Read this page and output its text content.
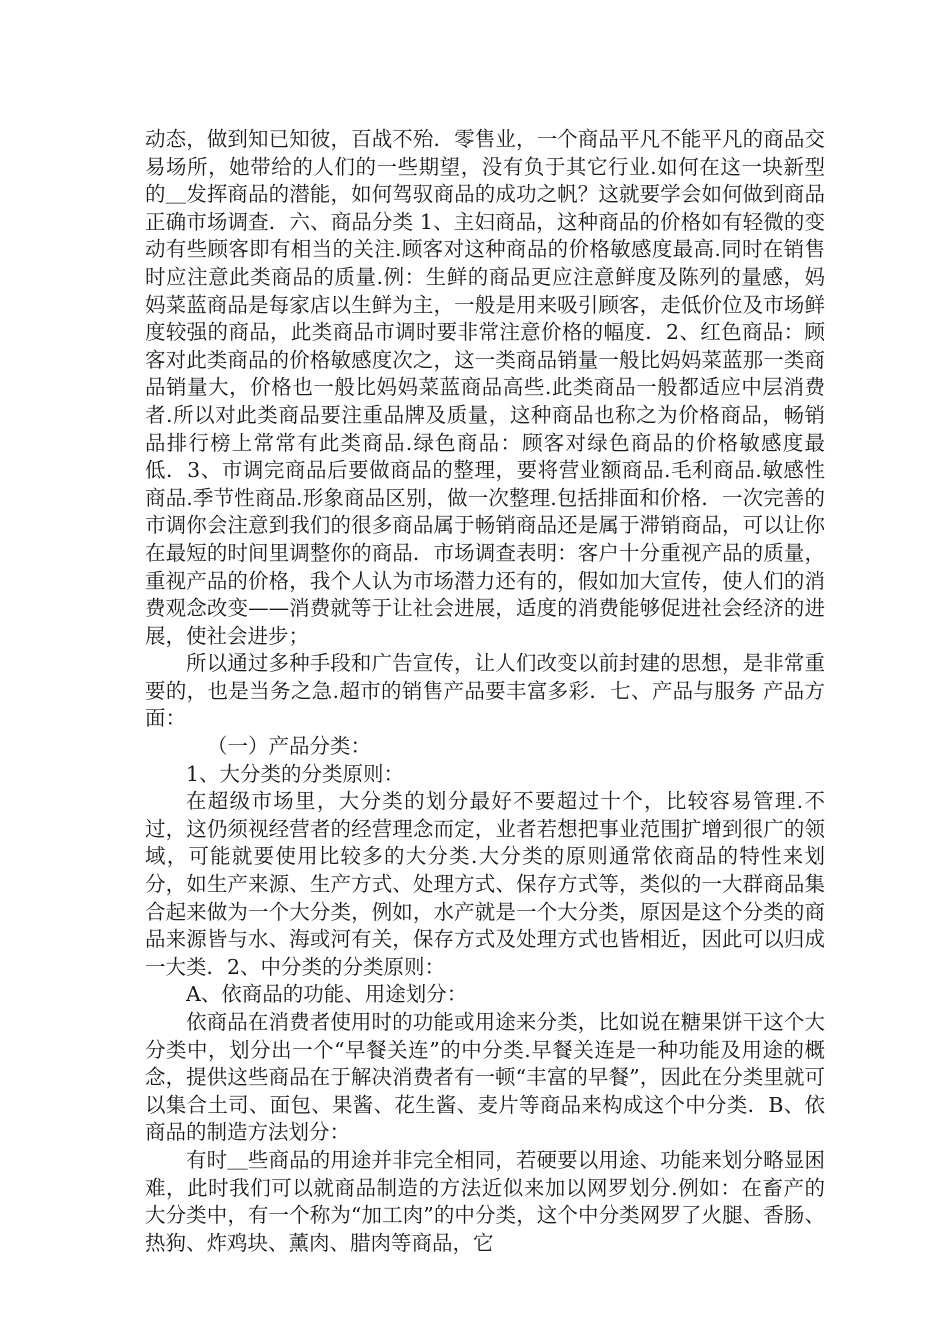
动态，做到知已知彼，百战不殆．零售业，一个商品平凡不能平凡的商品交易场所，她带给的人们的一些期望，没有负于其它行业.如何在这一块新型的＿发挥商品的潜能，如何驾驭商品的成功之帆？这就要学会如何做到商品正确市场调查．六、商品分类 1、主妇商品，这种商品的价格如有轻微的变动有些顾客即有相当的关注.顾客对这种商品的价格敏感度最高.同时在销售时应注意此类商品的质量.例：生鲜的商品更应注意鲜度及陈列的量感，妈妈菜蓝商品是每家店以生鲜为主，一般是用来吸引顾客，走低价位及市场鲜度较强的商品，此类商品市调时要非常注意价格的幅度．2、红色商品：顾客对此类商品的价格敏感度次之，这一类商品销量一般比妈妈菜蓝那一类商品销量大，价格也一般比妈妈菜蓝商品高些.此类商品一般都适应中层消费者.所以对此类商品要注重品牌及质量，这种商品也称之为价格商品，畅销品排行榜上常常有此类商品.绿色商品：顾客对绿色商品的价格敏感度最低．3、市调完商品后要做商品的整理，要将营业额商品.毛利商品.敏感性商品.季节性商品.形象商品区别，做一次整理.包括排面和价格．一次完善的市调你会注意到我们的很多商品属于畅销商品还是属于滞销商品，可以让你在最短的时间里调整你的商品．市场调查表明：客户十分重视产品的质量，重视产品的价格，我个人认为市场潜力还有的，假如加大宣传，使人们的消费观念改变——消费就等于让社会进展，适度的消费能够促进社会经济的进展，使社会进步；

所以通过多种手段和广告宣传，让人们改变以前封建的思想，是非常重要的，也是当务之急.超市的销售产品要丰富多彩．七、产品与服务 产品方面：

（一）产品分类：

1、大分类的分类原则：

在超级市场里，大分类的划分最好不要超过十个，比较容易管理.不过，这仍须视经营者的经营理念而定，业者若想把事业范围扩增到很广的领域，可能就要使用比较多的大分类.大分类的原则通常依商品的特性来划分，如生产来源、生产方式、处理方式、保存方式等，类似的一大群商品集合起来做为一个大分类，例如，水产就是一个大分类，原因是这个分类的商品来源皆与水、海或河有关，保存方式及处理方式也皆相近，因此可以归成一大类．2、中分类的分类原则：

A、依商品的功能、用途划分：

依商品在消费者使用时的功能或用途来分类，比如说在糖果饼干这个大分类中，划分出一个“早餐关连”的中分类.早餐关连是一种功能及用途的概念，提供这些商品在于解决消费者有一顿“丰富的早餐”，因此在分类里就可以集合土司、面包、果酱、花生酱、麦片等商品来构成这个中分类．B、依商品的制造方法划分：

有时＿些商品的用途并非完全相同，若硬要以用途、功能来划分略显困难，此时我们可以就商品制造的方法近似来加以网罗划分.例如：在畜产的大分类中，有一个称为“加工肉”的中分类，这个中分类网罗了火腿、香肠、热狗、炸鸡块、薰肉、腊肉等商品，它
